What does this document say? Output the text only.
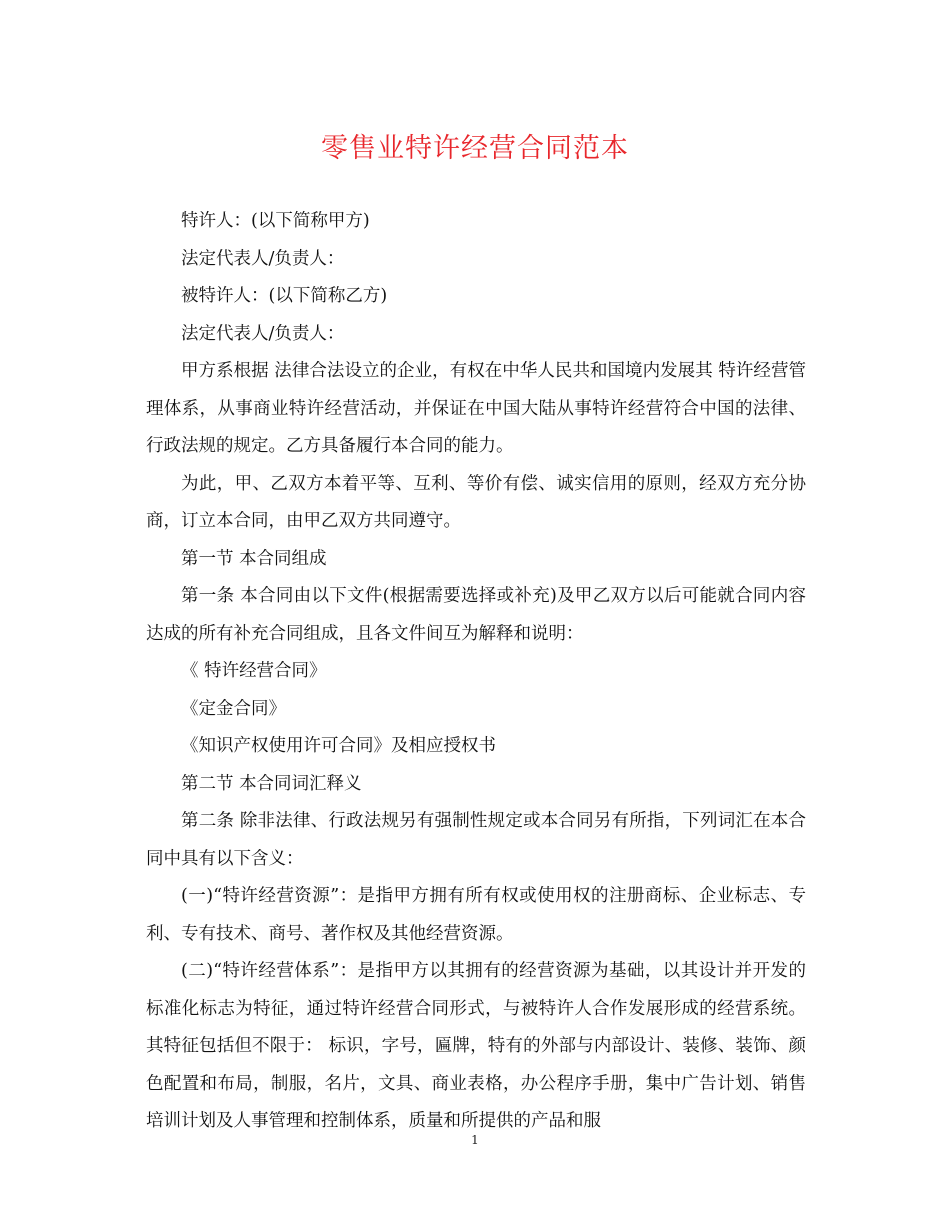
零售业特许经营合同范本

特许人：(以下简称甲方)

法定代表人/负责人：

被特许人：(以下简称乙方)

法定代表人/负责人：

甲方系根据 法律合法设立的企业，有权在中华人民共和国境内发展其 特许经营管理体系，从事商业特许经营活动，并保证在中国大陆从事特许经营符合中国的法律、行政法规的规定。乙方具备履行本合同的能力。

为此，甲、乙双方本着平等、互利、等价有偿、诚实信用的原则，经双方充分协商，订立本合同，由甲乙双方共同遵守。

第一节 本合同组成

第一条 本合同由以下文件(根据需要选择或补充)及甲乙双方以后可能就合同内容达成的所有补充合同组成，且各文件间互为解释和说明：

《 特许经营合同》

《定金合同》

《知识产权使用许可合同》及相应授权书

第二节 本合同词汇释义

第二条 除非法律、行政法规另有强制性规定或本合同另有所指，下列词汇在本合同中具有以下含义：

(一)“特许经营资源”：是指甲方拥有所有权或使用权的注册商标、企业标志、专利、专有技术、商号、著作权及其他经营资源。

(二)“特许经营体系”：是指甲方以其拥有的经营资源为基础，以其设计并开发的标准化标志为特征，通过特许经营合同形式，与被特许人合作发展形成的经营系统。其特征包括但不限于： 标识，字号，匾牌，特有的外部与内部设计、装修、装饰、颜色配置和布局，制服，名片，文具、商业表格，办公程序手册，集中广告计划、销售培训计划及人事管理和控制体系，质量和所提供的产品和服

1
